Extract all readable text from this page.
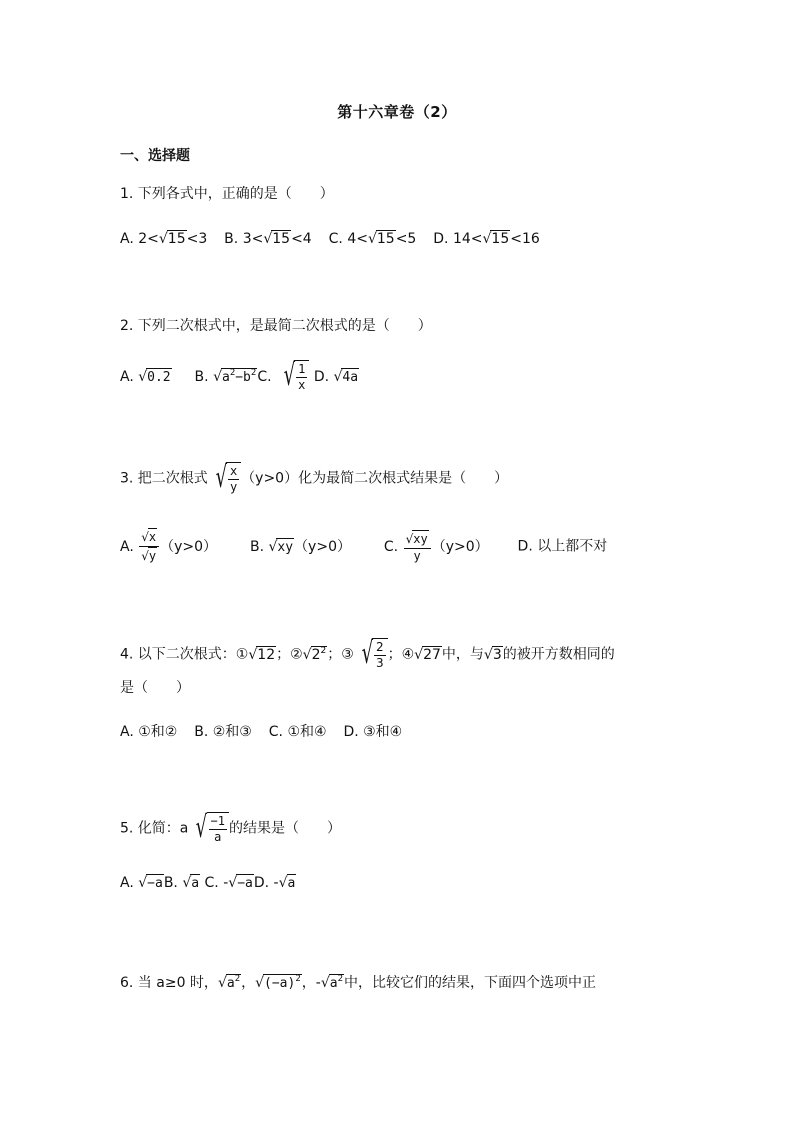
第十六章卷（2）
一、选择题
1. 下列各式中，正确的是（　　）
A. 2<√15<3 B. 3<√15<4 C. 4<√15<5 D. 14<√15<16
2. 下列二次根式中，是最简二次根式的是（　　）
A. √0.2 B. $√a^2-b^2C$. √ $\frac{1}{x} D$. √4a
3. 把二次根式 √ $\frac{x}{y} (y>0)$化为最简二次根式结果是（　　）
A. $\frac{√x}{√y} (y>0)$ B. √xy（y>0） C. $\frac{√xy}{y} (y>0)$ D. 以上都不对
4. 以下二次根式：①√12；$②√2^2$；③ √ $\frac{2}{3}$ ；④√27中，与√3的被开方数相同的
是（　　）
A. ①和② B. ②和③ C. ①和④ D. ③和④
5. 化简：a √ $\frac{-1}{a}$ 的结果是（　　）
A. √−aB. √a C. -√−aD. -√a
6. 当 a≥0 时，$√a^2$，$√(-a)^2$，$-√a^2$中，比较它们的结果，下面四个选项中正
